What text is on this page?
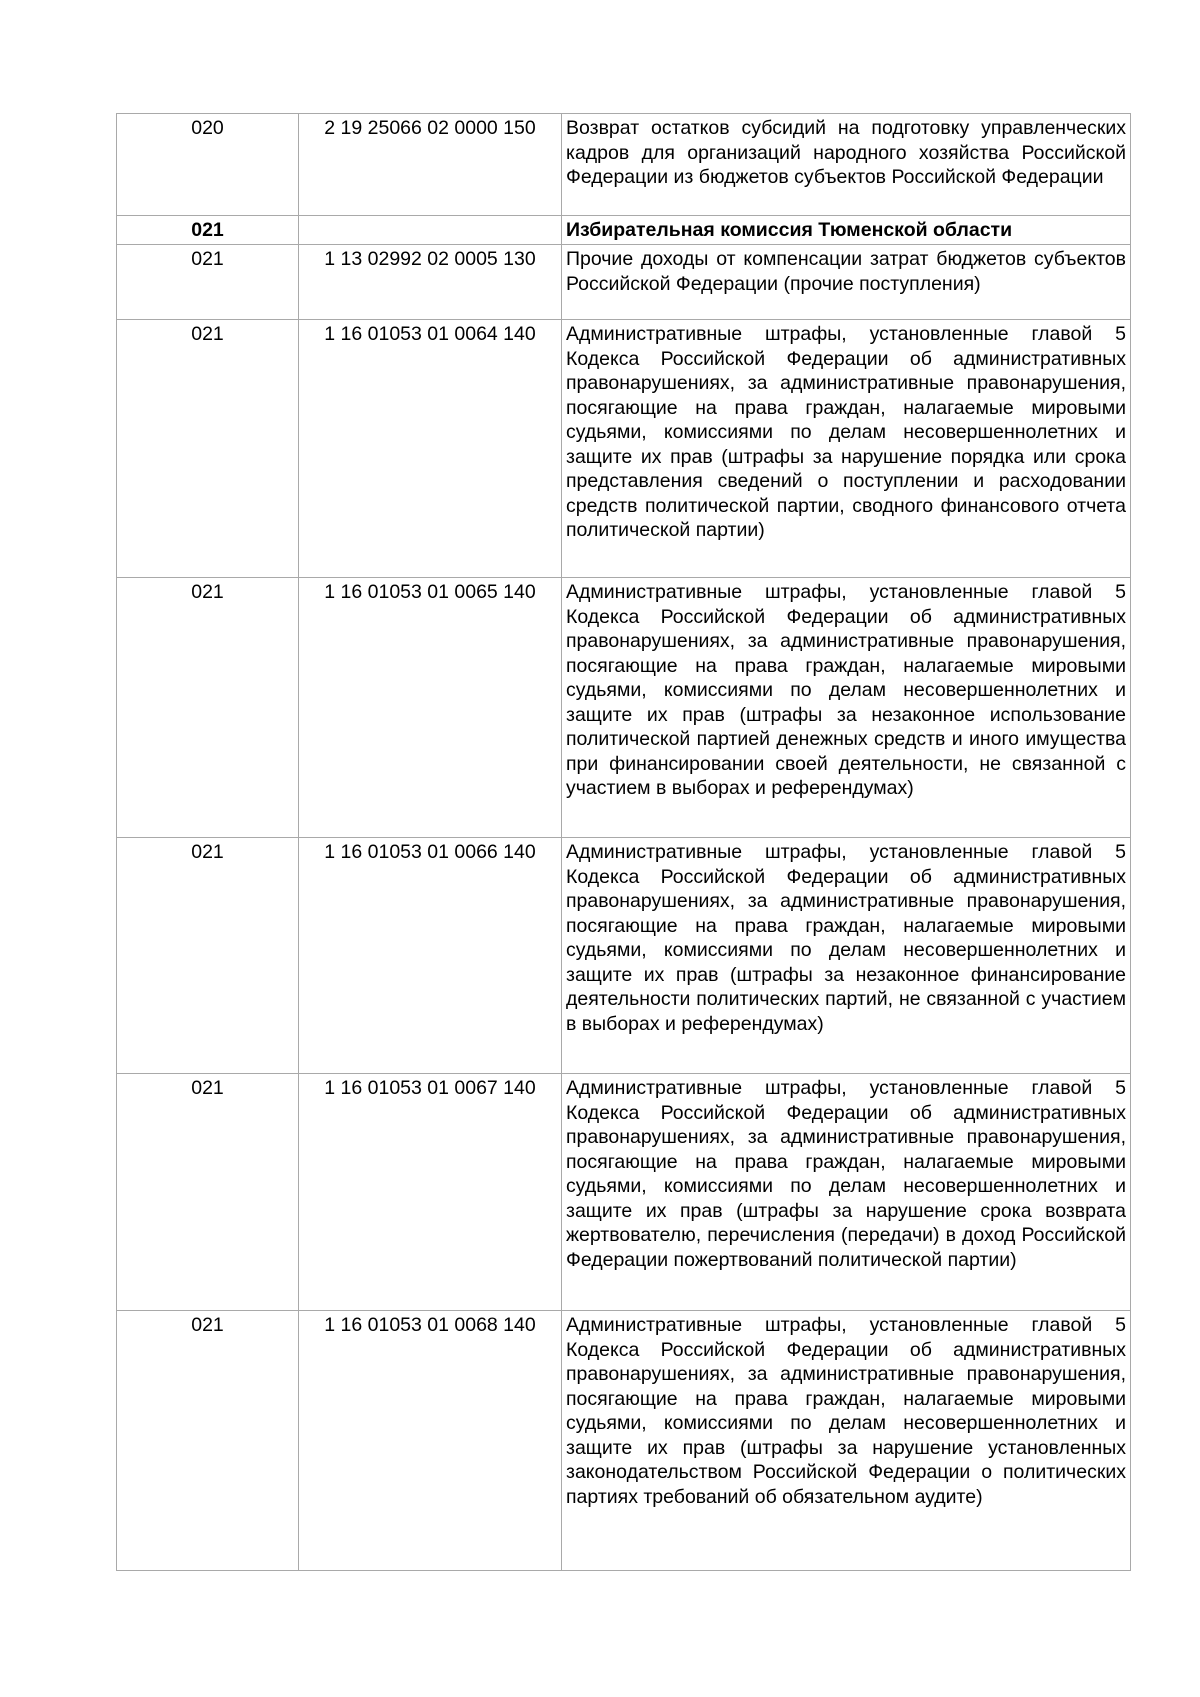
020	2 19 25066 02 0000 150	Возврат остатков субсидий на подготовку управленческих кадров для организаций народного хозяйства Российской Федерации из бюджетов субъектов Российской Федерации
021		Избирательная комиссия Тюменской области
021	1 13 02992 02 0005 130	Прочие доходы от компенсации затрат бюджетов субъектов Российской Федерации (прочие поступления)
021	1 16 01053 01 0064 140	Административные штрафы, установленные главой 5 Кодекса Российской Федерации об административных правонарушениях, за административные правонарушения, посягающие на права граждан, налагаемые мировыми судьями, комиссиями по делам несовершеннолетних и защите их прав (штрафы за нарушение порядка или срока представления сведений о поступлении и расходовании средств политической партии, сводного финансового отчета политической партии)
021	1 16 01053 01 0065 140	Административные штрафы, установленные главой 5 Кодекса Российской Федерации об административных правонарушениях, за административные правонарушения, посягающие на права граждан, налагаемые мировыми судьями, комиссиями по делам несовершеннолетних и защите их прав (штрафы за незаконное использование политической партией денежных средств и иного имущества при финансировании своей деятельности, не связанной с участием в выборах и референдумах)
021	1 16 01053 01 0066 140	Административные штрафы, установленные главой 5 Кодекса Российской Федерации об административных правонарушениях, за административные правонарушения, посягающие на права граждан, налагаемые мировыми судьями, комиссиями по делам несовершеннолетних и защите их прав (штрафы за незаконное финансирование деятельности политических партий, не связанной с участием в выборах и референдумах)
021	1 16 01053 01 0067 140	Административные штрафы, установленные главой 5 Кодекса Российской Федерации об административных правонарушениях, за административные правонарушения, посягающие на права граждан, налагаемые мировыми судьями, комиссиями по делам несовершеннолетних и защите их прав (штрафы за нарушение срока возврата жертвователю, перечисления (передачи) в доход Российской Федерации пожертвований политической партии)
021	1 16 01053 01 0068 140	Административные штрафы, установленные главой 5 Кодекса Российской Федерации об административных правонарушениях, за административные правонарушения, посягающие на права граждан, налагаемые мировыми судьями, комиссиями по делам несовершеннолетних и защите их прав (штрафы за нарушение установленных законодательством Российской Федерации о политических партиях требований об обязательном аудите)
